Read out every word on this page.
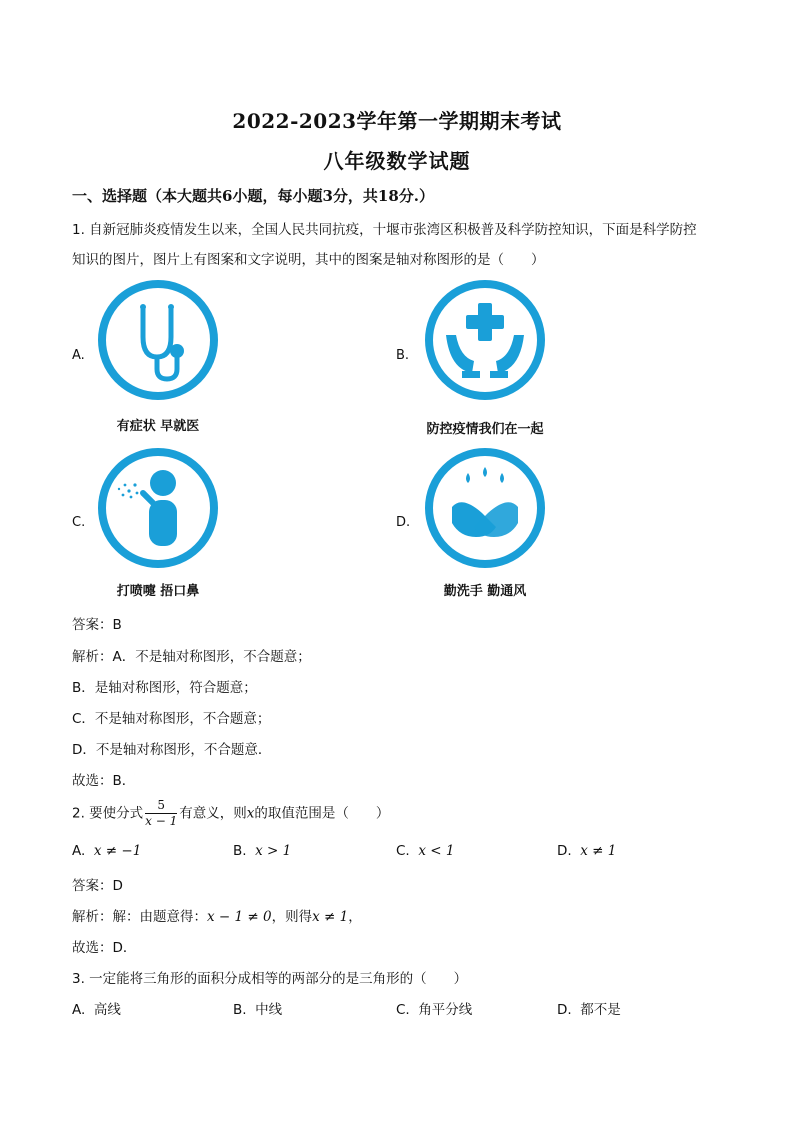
2022-2023学年第一学期期末考试
八年级数学试题
一、选择题（本大题共6小题，每小题3分，共18分.）
1. 自新冠肺炎疫情发生以来，全国人民共同抗疫，十堰市张湾区积极普及科学防控知识，下面是科学防控
知识的图片，图片上有图案和文字说明，其中的图案是轴对称图形的是（　　）
A.
有症状 早就医
B.
防控疫情我们在一起
C.
打喷嚏 捂口鼻
D.
勤洗手 勤通风
答案：B
解析：A．不是轴对称图形，不合题意；
B．是轴对称图形，符合题意；
C．不是轴对称图形，不合题意；
D．不是轴对称图形，不合题意．
故选：B．
2. 要使分式 $\frac{5}{x - 1}$ 有意义，则x的取值范围是（　　）
A. x ≠ −1	B. x > 1	C. x < 1	D. x ≠ 1
答案：D
解析：解：由题意得：x − 1 ≠ 0，则得x ≠ 1，
故选：D．
3. 一定能将三角形的面积分成相等的两部分的是三角形的（　　）
A. 高线	B. 中线	C. 角平分线	D. 都不是
